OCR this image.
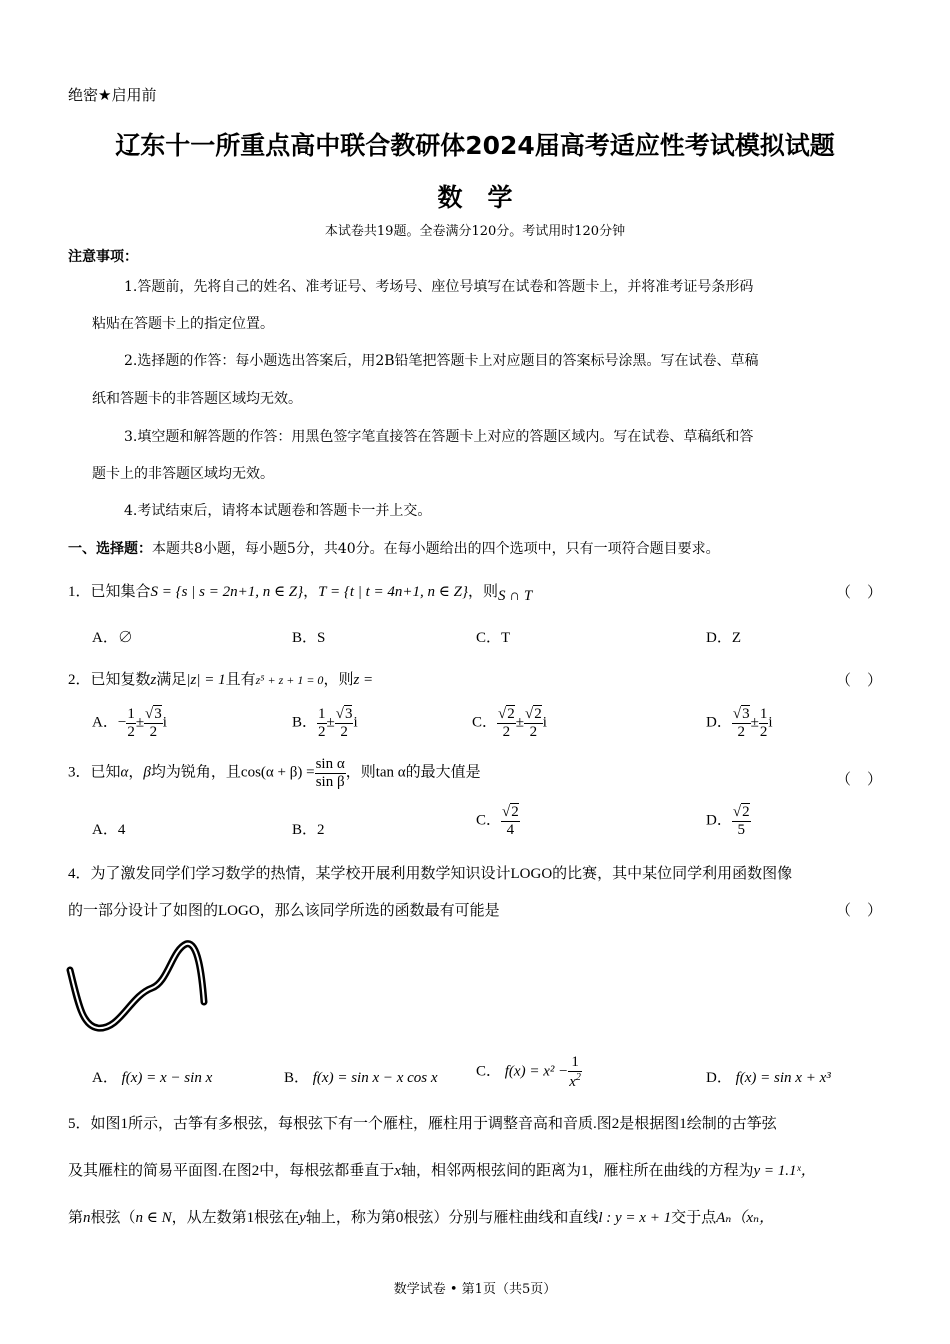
绝密★启用前
辽东十一所重点高中联合教研体2024届高考适应性考试模拟试题
数　学
本试卷共19题。全卷满分120分。考试用时120分钟
注意事项：
1.答题前，先将自己的姓名、准考证号、考场号、座位号填写在试卷和答题卡上，并将准考证号条形码
粘贴在答题卡上的指定位置。
2.选择题的作答：每小题选出答案后，用2B铅笔把答题卡上对应题目的答案标号涂黑。写在试卷、草稿
纸和答题卡的非答题区域均无效。
3.填空题和解答题的作答：用黑色签字笔直接答在答题卡上对应的答题区域内。写在试卷、草稿纸和答
题卡上的非答题区域均无效。
4.考试结束后，请将本试题卷和答题卡一并上交。
一、选择题：本题共8小题，每小题5分，共40分。在每小题给出的四个选项中，只有一项符合题目要求。
1．已知集合S = {s | s = 2n+1, n ∈ Z}，T = {t | t = 4n+1, n ∈ Z}，则S ∩ T	（ ）
A．∅	B．S	C．T	D．Z
2．已知复数z满足|z| = 1且有z⁵ + z + 1 = 0，则z =	（ ）
A．− $\frac{1}{2} \pm \frac{√3}{2}$ i	B． $\frac{1}{2} \pm \frac{√3}{2}$ i	C． $\frac{√2}{2} \pm \frac{√2}{2}$ i	D． $\frac{√3}{2} \pm \frac{1}{2}$ i
3．已知α，β均为锐角，且$\cos(\alpha + \beta) = \frac{\text{sin α}}{\text{sin β}}$ ，则tan α的最大值是	（ ）
A．4	B．2
C． $\frac{√2}{4}$	D． $\frac{√2}{5}$
4．为了激发同学们学习数学的热情，某学校开展利用数学知识设计LOGO的比赛，其中某位同学利用函数图像
的一部分设计了如图的LOGO，那么该同学所选的函数最有可能是	（ ）
A． f(x) = x − sin x	B． f(x) = sin x − x cos x	C． $f(x) = x^2 - \frac{1}{x^2}$	D． f(x) = sin x + x³
5．如图1所示，古筝有多根弦，每根弦下有一个雁柱，雁柱用于调整音高和音质.图2是根据图1绘制的古筝弦
及其雁柱的简易平面图.在图2中，每根弦都垂直于x轴，相邻两根弦间的距离为1，雁柱所在曲线的方程为y = 1.1ˣ，
第n根弦（n ∈ N，从左数第1根弦在y轴上，称为第0根弦）分别与雁柱曲线和直线l : y = x + 1交于点Aₙ（xₙ，
数学试卷 • 第1页（共5页）
